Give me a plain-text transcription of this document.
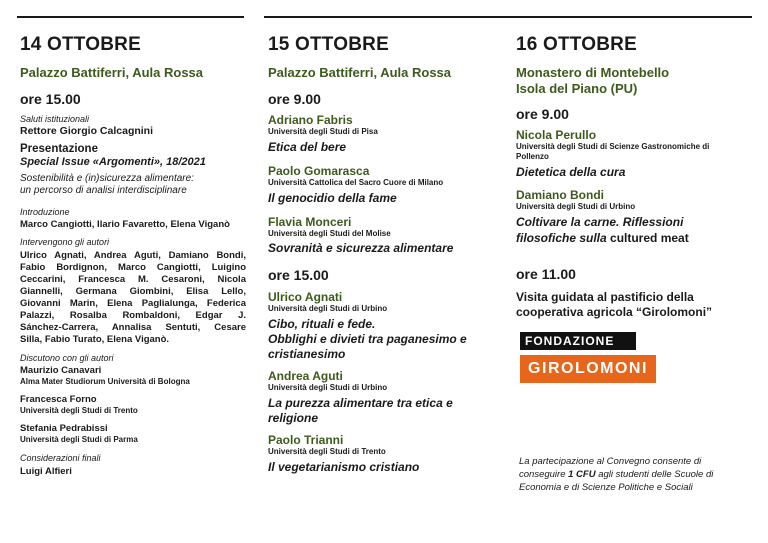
14 OTTOBRE
Palazzo Battiferri, Aula Rossa
ore 15.00
Saluti istituzionali
Rettore Giorgio Calcagnini
Presentazione
Special Issue «Argomenti», 18/2021
Sostenibilità e (in)sicurezza alimentare:
un percorso di analisi interdisciplinare
Introduzione
Marco Cangiotti, Ilario Favaretto, Elena Viganò
Intervengono gli autori
Ulrico Agnati, Andrea Aguti, Damiano Bondi,
Fabio Bordignon, Marco Cangiotti, Luigino
Ceccarini, Francesca M. Cesaroni, Nicola
Giannelli, Germana Giombini, Elisa Lello,
Giovanni Marin, Elena Paglialunga, Federica
Palazzi, Rosalba Rombaldoni, Edgar J.
Sánchez-Carrera, Annalisa Sentuti, Cesare
Silla, Fabio Turato, Elena Viganò.
Discutono con gli autori
Maurizio Canavari
Alma Mater Studiorum Università di Bologna
Francesca Forno
Università degli Studi di Trento
Stefania Pedrabissi
Università degli Studi di Parma
Considerazioni finali
Luigi Alfieri
15 OTTOBRE
Palazzo Battiferri, Aula Rossa
ore 9.00
Adriano Fabris
Università degli Studi di Pisa
Etica del bere
Paolo Gomarasca
Università Cattolica del Sacro Cuore di Milano
Il genocidio della fame
Flavia Monceri
Università degli Studi del Molise
Sovranità e sicurezza alimentare
ore 15.00
Ulrico Agnati
Università degli Studi di Urbino
Cibo, rituali e fede.
Obblighi e divieti tra paganesimo e
cristianesimo
Andrea Aguti
Università degli Studi di Urbino
La purezza alimentare tra etica e
religione
Paolo Trianni
Università degli Studi di Trento
Il vegetarianismo cristiano
16 OTTOBRE
Monastero di Montebello
Isola del Piano (PU)
ore 9.00
Nicola Perullo
Università degli Studi di Scienze Gastronomiche di
Pollenzo
Dietetica della cura
Damiano Bondi
Università degli Studi di Urbino
Coltivare la carne. Riflessioni
filosofiche sulla cultured meat
ore 11.00
Visita guidata al pastificio della
cooperativa agricola “Girolomoni”
FONDAZIONE
GIROLOMONI
La partecipazione al Convegno consente di
conseguire 1 CFU agli studenti delle Scuole di
Economia e di Scienze Politiche e Sociali
